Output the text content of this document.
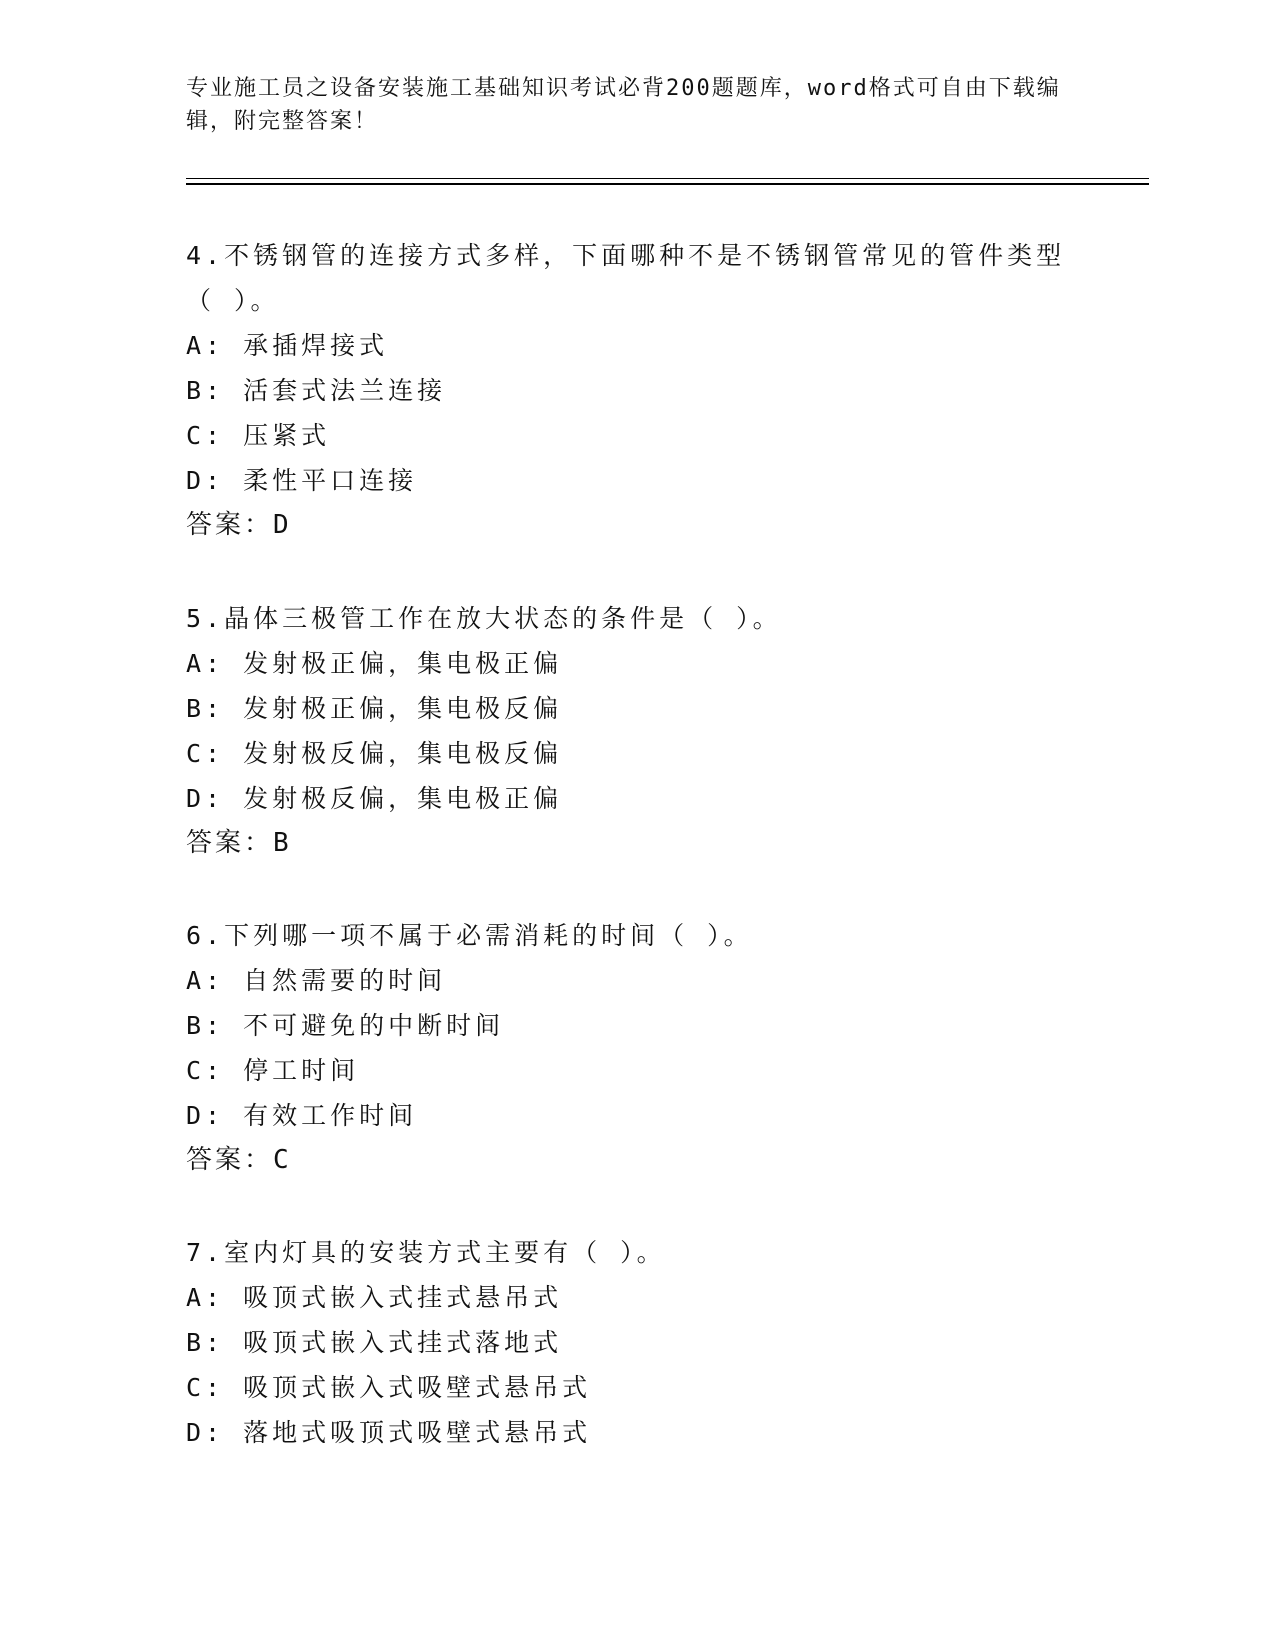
专业施工员之设备安装施工基础知识考试必背200题题库，word格式可自由下载编辑，附完整答案！

4.不锈钢管的连接方式多样，下面哪种不是不锈钢管常见的管件类型

（ ）。

A: 承插焊接式

B: 活套式法兰连接

C: 压紧式

D: 柔性平口连接

答案：D

5.晶体三极管工作在放大状态的条件是（ ）。

A: 发射极正偏，集电极正偏

B: 发射极正偏，集电极反偏

C: 发射极反偏，集电极反偏

D: 发射极反偏，集电极正偏

答案：B

6.下列哪一项不属于必需消耗的时间（ ）。

A: 自然需要的时间

B: 不可避免的中断时间

C: 停工时间

D: 有效工作时间

答案：C

7.室内灯具的安装方式主要有（ ）。

A: 吸顶式嵌入式挂式悬吊式

B: 吸顶式嵌入式挂式落地式

C: 吸顶式嵌入式吸壁式悬吊式

D: 落地式吸顶式吸壁式悬吊式
